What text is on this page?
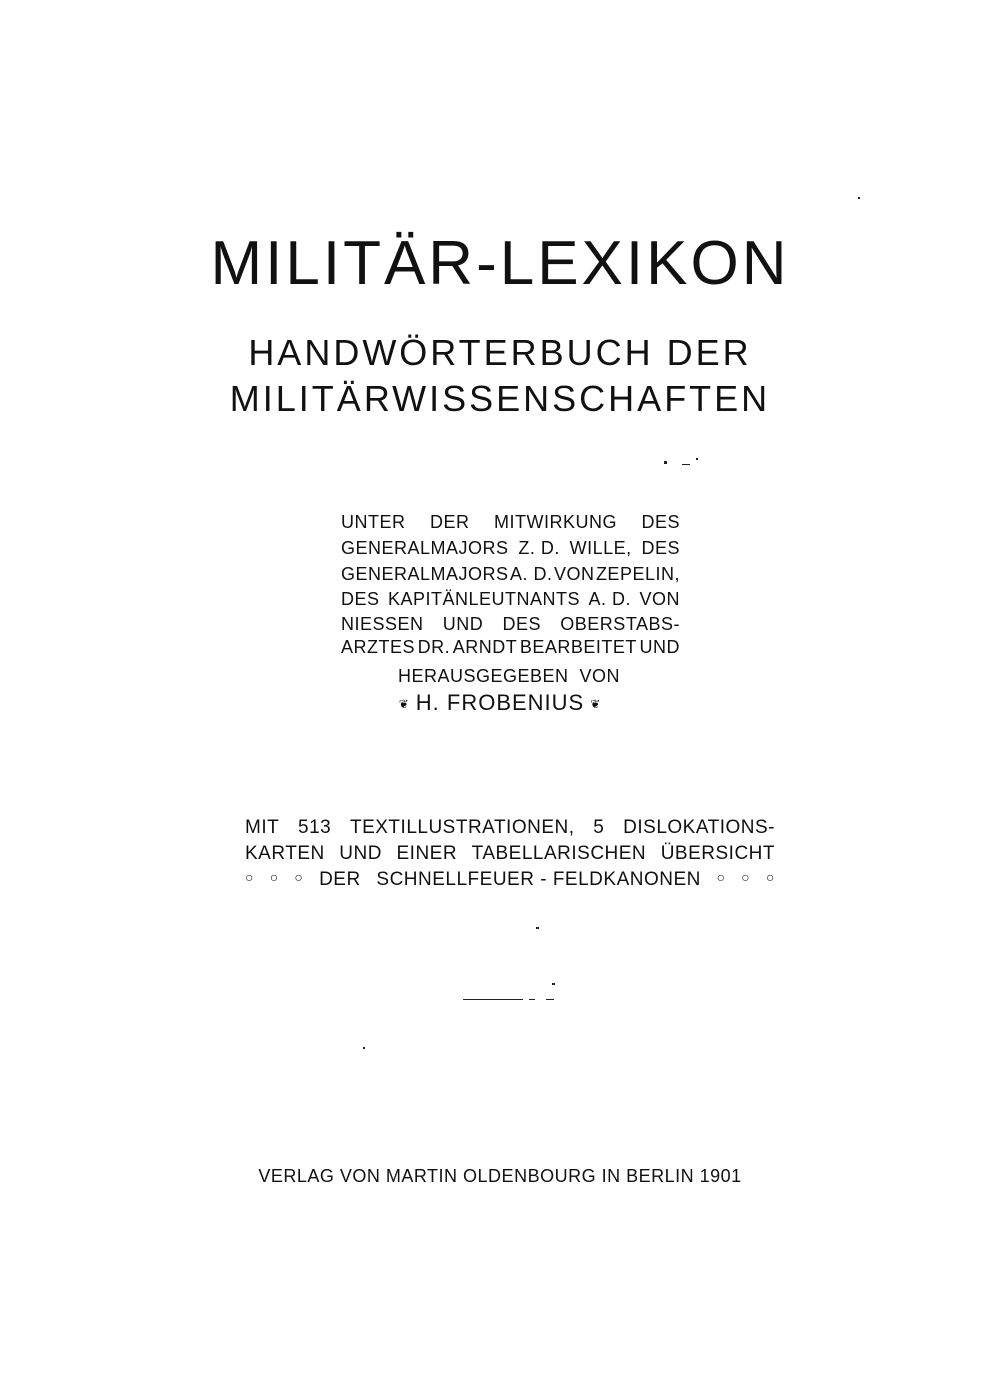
MILITÄR-LEXIKON
HANDWÖRTERBUCH DER
MILITÄRWISSENSCHAFTEN
UNTER DER MITWIRKUNG DES
GENERALMAJORS Z. D. WILLE, DES
GENERALMAJORS A. D. VON ZEPELIN,
DES KAPITÄNLEUTNANTS A. D. VON
NIESSEN UND DES OBERSTABS-
ARZTES DR. ARNDT BEARBEITET UND
HERAUSGEGEBEN VON
❦ H. FROBENIUS ❦
MIT 513 TEXTILLUSTRATIONEN, 5 DISLOKATIONS-
KARTEN UND EINER TABELLARISCHEN ÜBERSICHT
○ ○ ○ DER SCHNELLFEUER - FELDKANONEN ○ ○ ○
VERLAG VON MARTIN OLDENBOURG IN BERLIN 1901
